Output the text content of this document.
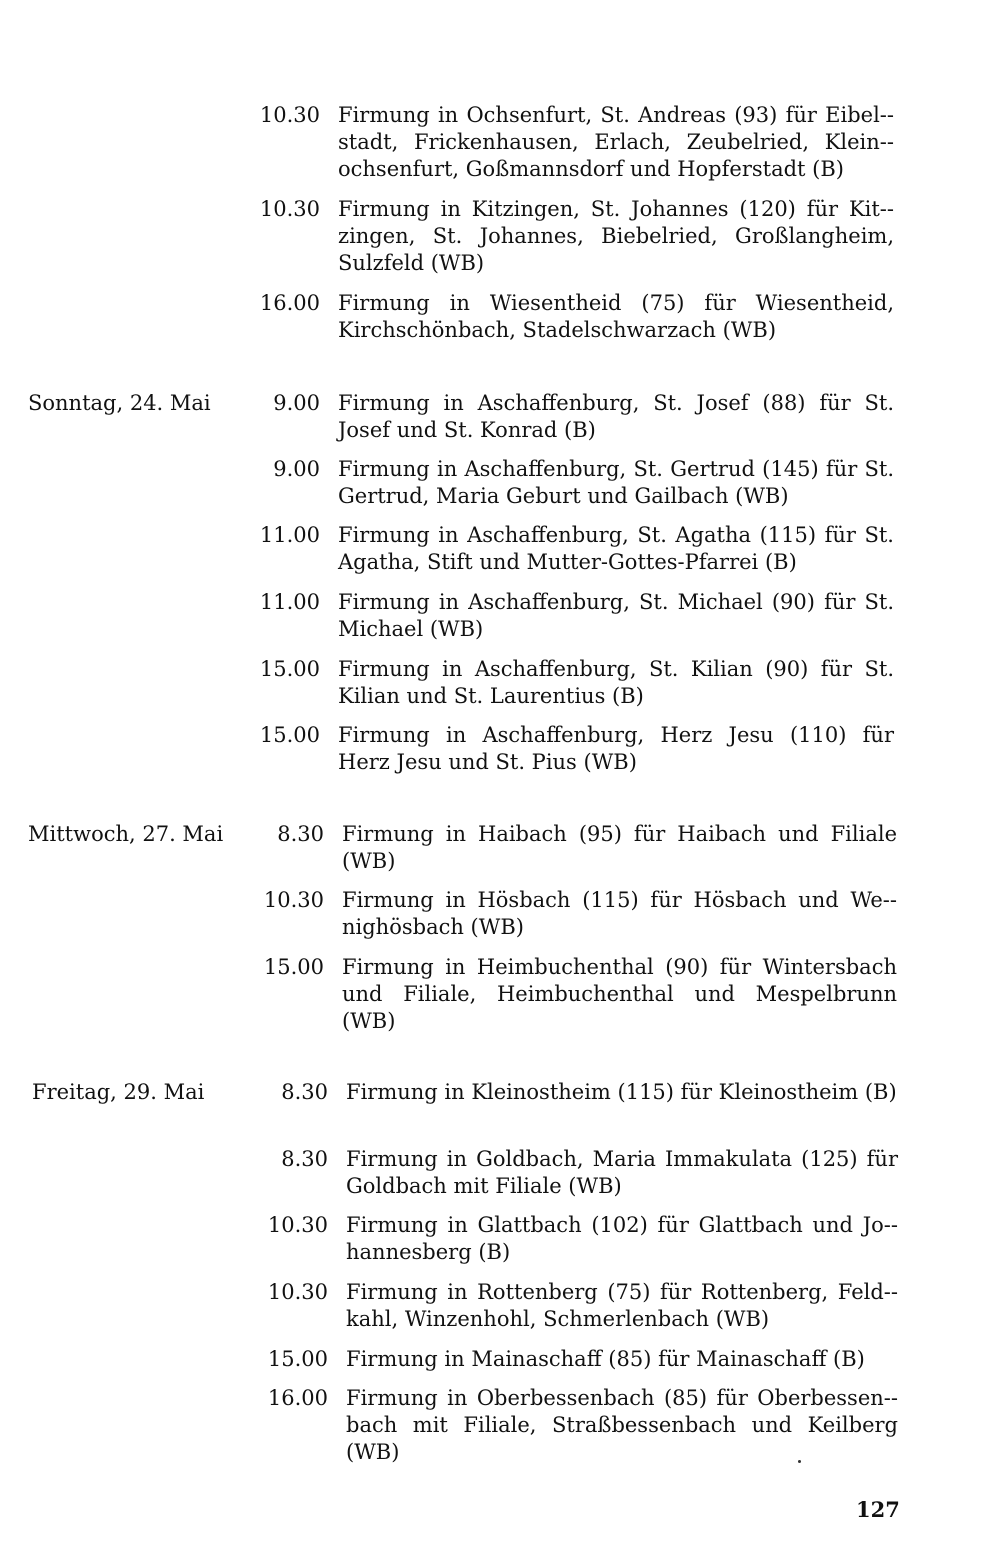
10.30 Firmung in Ochsenfurt, St. Andreas (93) für Eibel-stadt, Frickenhausen, Erlach, Zeubelried, Klein-ochsenfurt, Goßmannsdorf und Hopferstadt (B)
10.30 Firmung in Kitzingen, St. Johannes (120) für Kit-zingen, St. Johannes, Biebelried, Großlangheim, Sulzfeld (WB)
16.00 Firmung in Wiesentheid (75) für Wiesentheid, Kirchschönbach, Stadelschwarzach (WB)
Sonntag, 24. Mai	9.00 Firmung in Aschaffenburg, St. Josef (88) für St. Josef und St. Konrad (B)
9.00 Firmung in Aschaffenburg, St. Gertrud (145) für St. Gertrud, Maria Geburt und Gailbach (WB)
11.00 Firmung in Aschaffenburg, St. Agatha (115) für St. Agatha, Stift und Mutter-Gottes-Pfarrei (B)
11.00 Firmung in Aschaffenburg, St. Michael (90) für St. Michael (WB)
15.00 Firmung in Aschaffenburg, St. Kilian (90) für St. Kilian und St. Laurentius (B)
15.00 Firmung in Aschaffenburg, Herz Jesu (110) für Herz Jesu und St. Pius (WB)
Mittwoch, 27. Mai	8.30 Firmung in Haibach (95) für Haibach und Filiale (WB)
10.30 Firmung in Hösbach (115) für Hösbach und We-nighösbach (WB)
15.00 Firmung in Heimbuchenthal (90) für Wintersbach und Filiale, Heimbuchenthal und Mespelbrunn (WB)
Freitag, 29. Mai	8.30 Firmung in Kleinostheim (115) für Kleinostheim (B)
8.30 Firmung in Goldbach, Maria Immakulata (125) für Goldbach mit Filiale (WB)
10.30 Firmung in Glattbach (102) für Glattbach und Jo-hannesberg (B)
10.30 Firmung in Rottenberg (75) für Rottenberg, Feld-kahl, Winzenhohl, Schmerlenbach (WB)
15.00 Firmung in Mainaschaff (85) für Mainaschaff (B)
16.00 Firmung in Oberbessenbach (85) für Oberbessen-bach mit Filiale, Straßbessenbach und Keilberg (WB)
127
